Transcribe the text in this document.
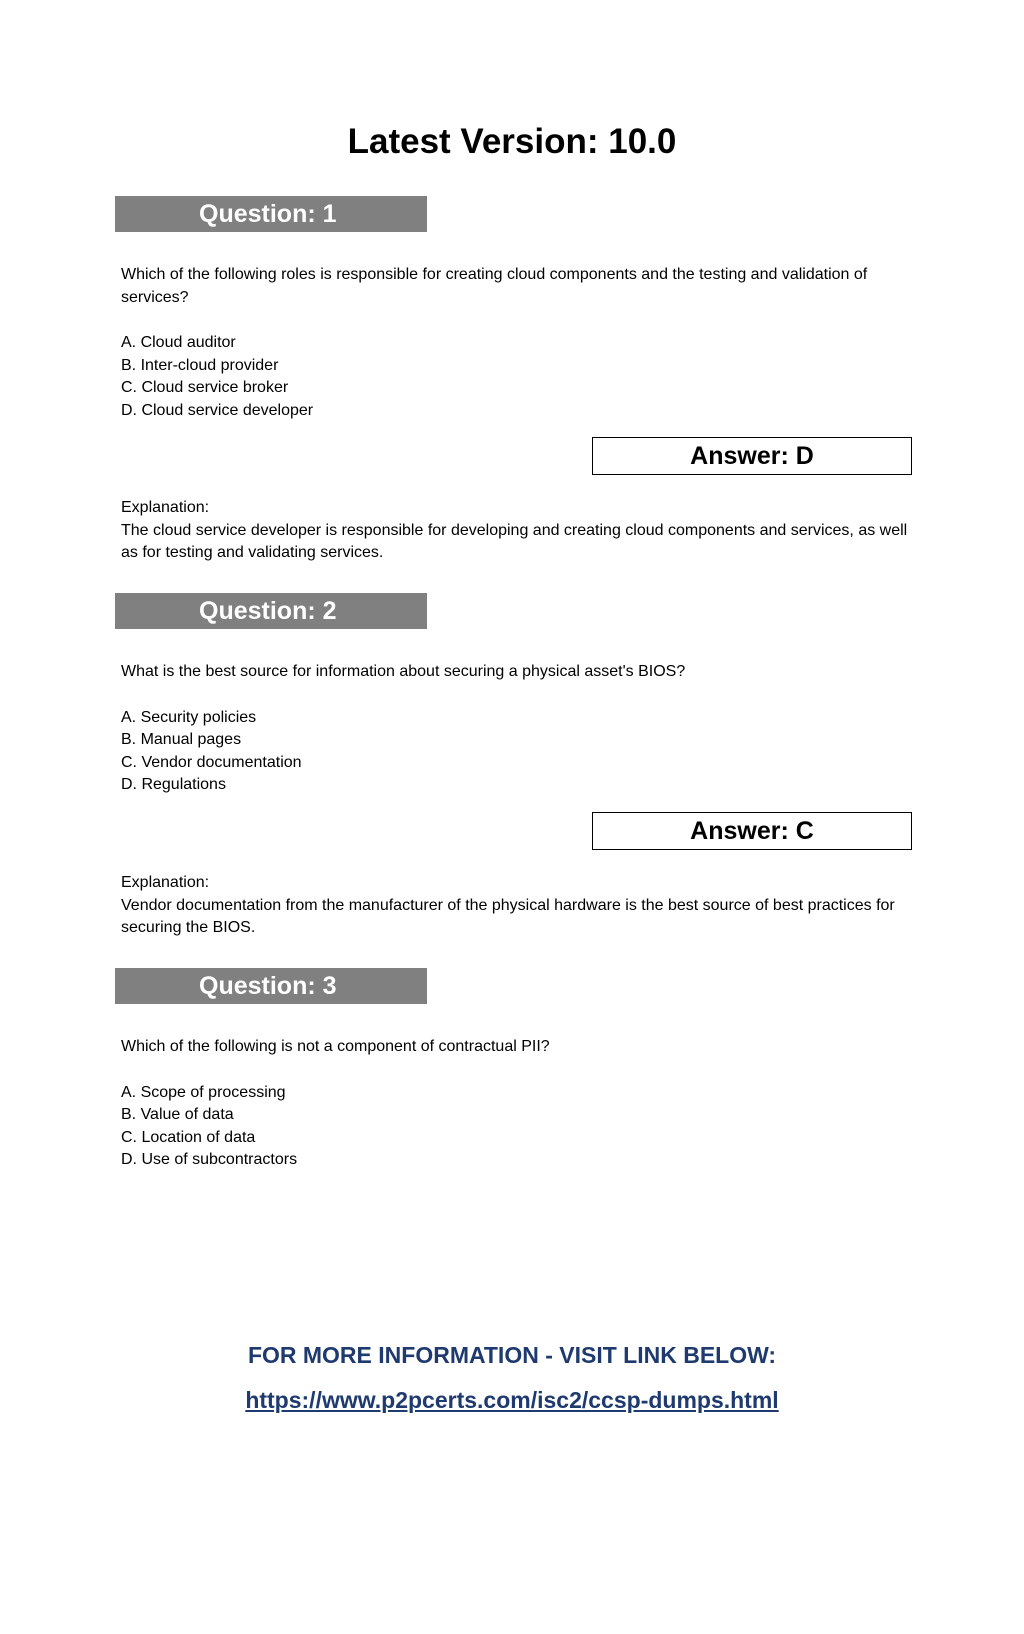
Latest Version: 10.0
Question: 1
Which of the following roles is responsible for creating cloud components and the testing and validation of services?
A. Cloud auditor
B. Inter-cloud provider
C. Cloud service broker
D. Cloud service developer
Answer: D
Explanation:
The cloud service developer is responsible for developing and creating cloud components and services, as well as for testing and validating services.
Question: 2
What is the best source for information about securing a physical asset's BIOS?
A. Security policies
B. Manual pages
C. Vendor documentation
D. Regulations
Answer: C
Explanation:
Vendor documentation from the manufacturer of the physical hardware is the best source of best practices for securing the BIOS.
Question: 3
Which of the following is not a component of contractual PII?
A. Scope of processing
B. Value of data
C. Location of data
D. Use of subcontractors
FOR MORE INFORMATION - VISIT LINK BELOW:
https://www.p2pcerts.com/isc2/ccsp-dumps.html
